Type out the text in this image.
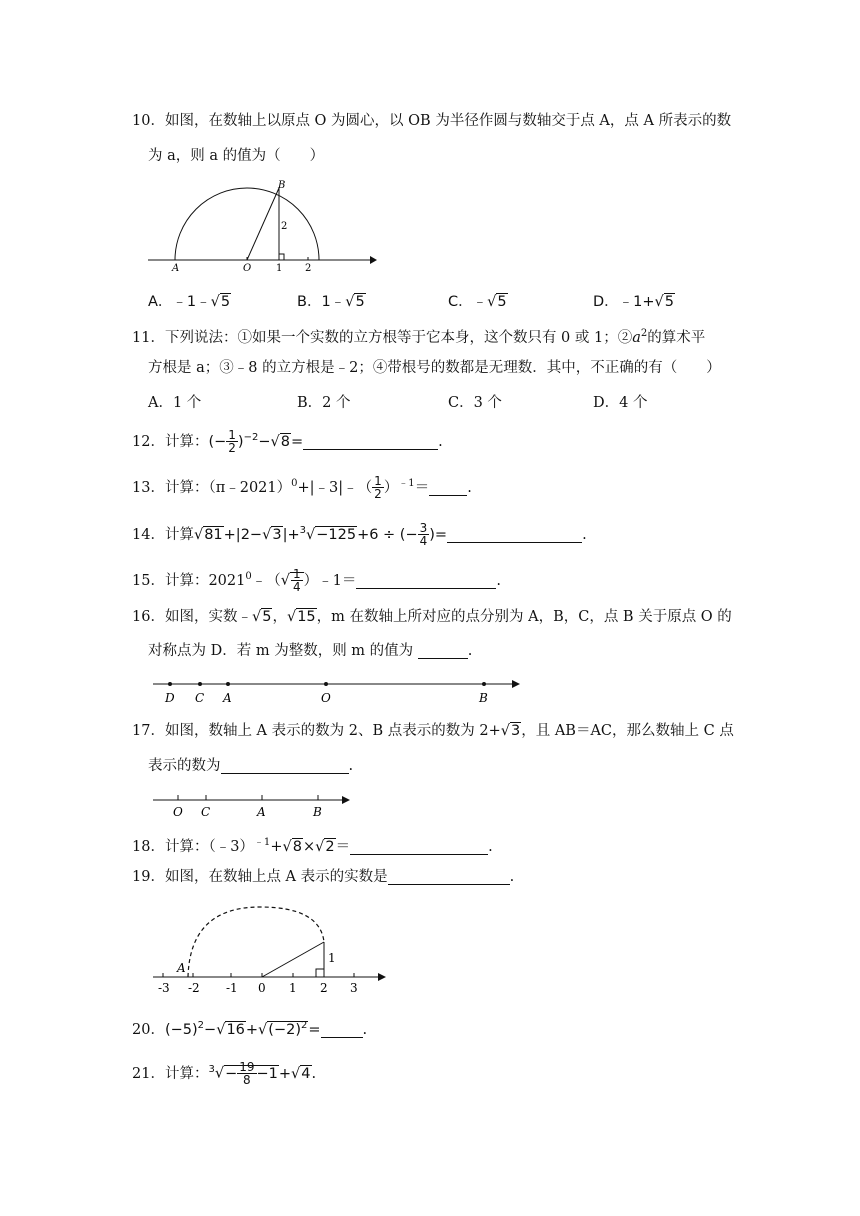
10．如图，在数轴上以原点 O 为圆心，以 OB 为半径作圆与数轴交于点 A，点 A 所表示的数
为 a，则 a 的值为（　　）
A	O 1 2
B
2
A．﹣1﹣√5	B．1﹣√5	C．﹣√5	D．﹣1+√5
11．下列说法：①如果一个实数的立方根等于它本身，这个数只有 0 或 1；$②a^2$的算术平
方根是 a；③﹣8 的立方根是﹣2；④带根号的数都是无理数．其中，不正确的有（　　）
A．1 个	B．2 个	C．3 个	D．4 个
12．计算：(− $\frac{1}{2} )^{-2}-√8=$	.
13．计算：（π﹣2021）$^0$+|﹣3|﹣（ $\frac{1}{2} )^{﹣1}=$	.
14．计算√81+|2−√3|+$^3$√−125+6 ÷ (− $\frac{3}{4}$ )=	.
15．计算：2021$^0$﹣（√ $\frac{1}{4}$ ）﹣1＝	.
16．如图，实数﹣√5，√15，m 在数轴上所对应的点分别为 A，B，C，点 B 关于原点 O 的
对称点为 D．若 m 为整数，则 m 的值为	.
D C A	O	B
17．如图，数轴上 A 表示的数为 2、B 点表示的数为 2+√3，且 AB＝AC，那么数轴上 C 点
表示的数为	.
O C	A	B
18．计算：（﹣3）$^{﹣1}$+√8×√2＝	.
19．如图，在数轴上点 A 表示的实数是	.
-3 -2 -1 0 1 2 3
A
1
20．$(-5)^2-√16+√(-2)^2=$	.
21．计算：$^3√- \frac{19}{8} -1+√4$.
